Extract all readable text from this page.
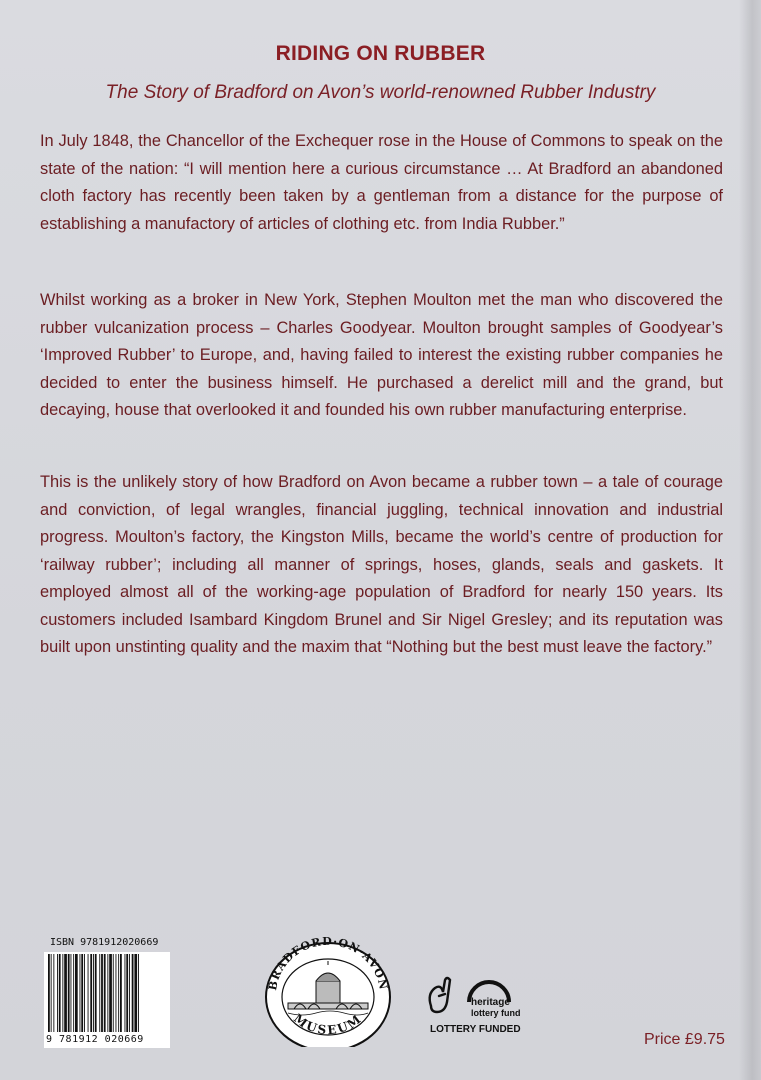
RIDING ON RUBBER
The Story of Bradford on Avon’s world-renowned Rubber Industry
In July 1848, the Chancellor of the Exchequer rose in the House of Commons to speak on the state of the nation: “I will mention here a curious circumstance … At Bradford an abandoned cloth factory has recently been taken by a gentleman from a distance for the purpose of establishing a manufactory of articles of clothing etc. from India Rubber.”
Whilst working as a broker in New York, Stephen Moulton met the man who discovered the rubber vulcanization process – Charles Goodyear. Moulton brought samples of Goodyear’s ‘Improved Rubber’ to Europe, and, having failed to interest the existing rubber companies he decided to enter the business himself. He purchased a derelict mill and the grand, but decaying, house that overlooked it and founded his own rubber manufacturing enterprise.
This is the unlikely story of how Bradford on Avon became a rubber town – a tale of courage and conviction, of legal wrangles, financial juggling, technical innovation and industrial progress. Moulton’s factory, the Kingston Mills, became the world’s centre of production for ‘railway rubber’; including all manner of springs, hoses, glands, seals and gaskets. It employed almost all of the working-age population of Bradford for nearly 150 years. Its customers included Isambard Kingdom Brunel and Sir Nigel Gresley; and its reputation was built upon unstinting quality and the maxim that “Nothing but the best must leave the factory.”
ISBN 9781912020669
9 781912 020669
BRADFORD·ON·AVON
MUSEUM
heritage
lottery fund
LOTTERY FUNDED
Price £9.75
